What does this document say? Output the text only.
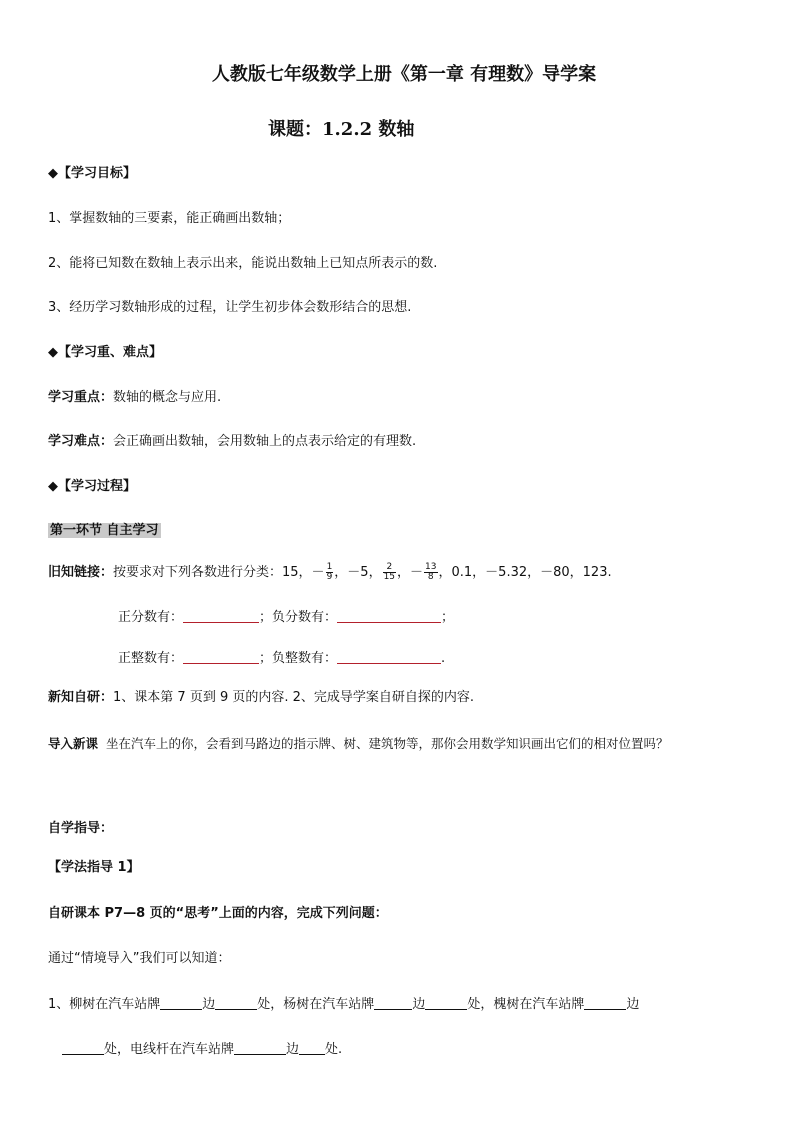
人教版七年级数学上册《第一章 有理数》导学案
课题：1.2.2 数轴
◆【学习目标】
1、掌握数轴的三要素，能正确画出数轴；
2、能将已知数在数轴上表示出来，能说出数轴上已知点所表示的数.
3、经历学习数轴形成的过程，让学生初步体会数形结合的思想.
◆【学习重、难点】
学习重点：数轴的概念与应用.
学习难点：会正确画出数轴，会用数轴上的点表示给定的有理数.
◆【学习过程】
第一环节 自主学习
旧知链接：按要求对下列各数进行分类：15，－ $\frac{1}{9}$ ，－5， $\frac{2}{15}$ ，－ $\frac{13}{8}$ ，0.1，－5.32，－80，123.
正分数有：	；负分数有：	；
正整数有：	；负整数有：	.
新知自研：1、课本第 7 页到 9 页的内容. 2、完成导学案自研自探的内容.
导入新课 坐在汽车上的你，会看到马路边的指示牌、树、建筑物等，那你会用数学知识画出它们的相对位置吗？
自学指导：
【学法指导 1】
自研课本 P7—8 页的“思考”上面的内容，完成下列问题：
通过“情境导入”我们可以知道：
1、柳树在汽车站牌	边	处，杨树在汽车站牌	边	处，槐树在汽车站牌	边
处，电线杆在汽车站牌	边 处.
